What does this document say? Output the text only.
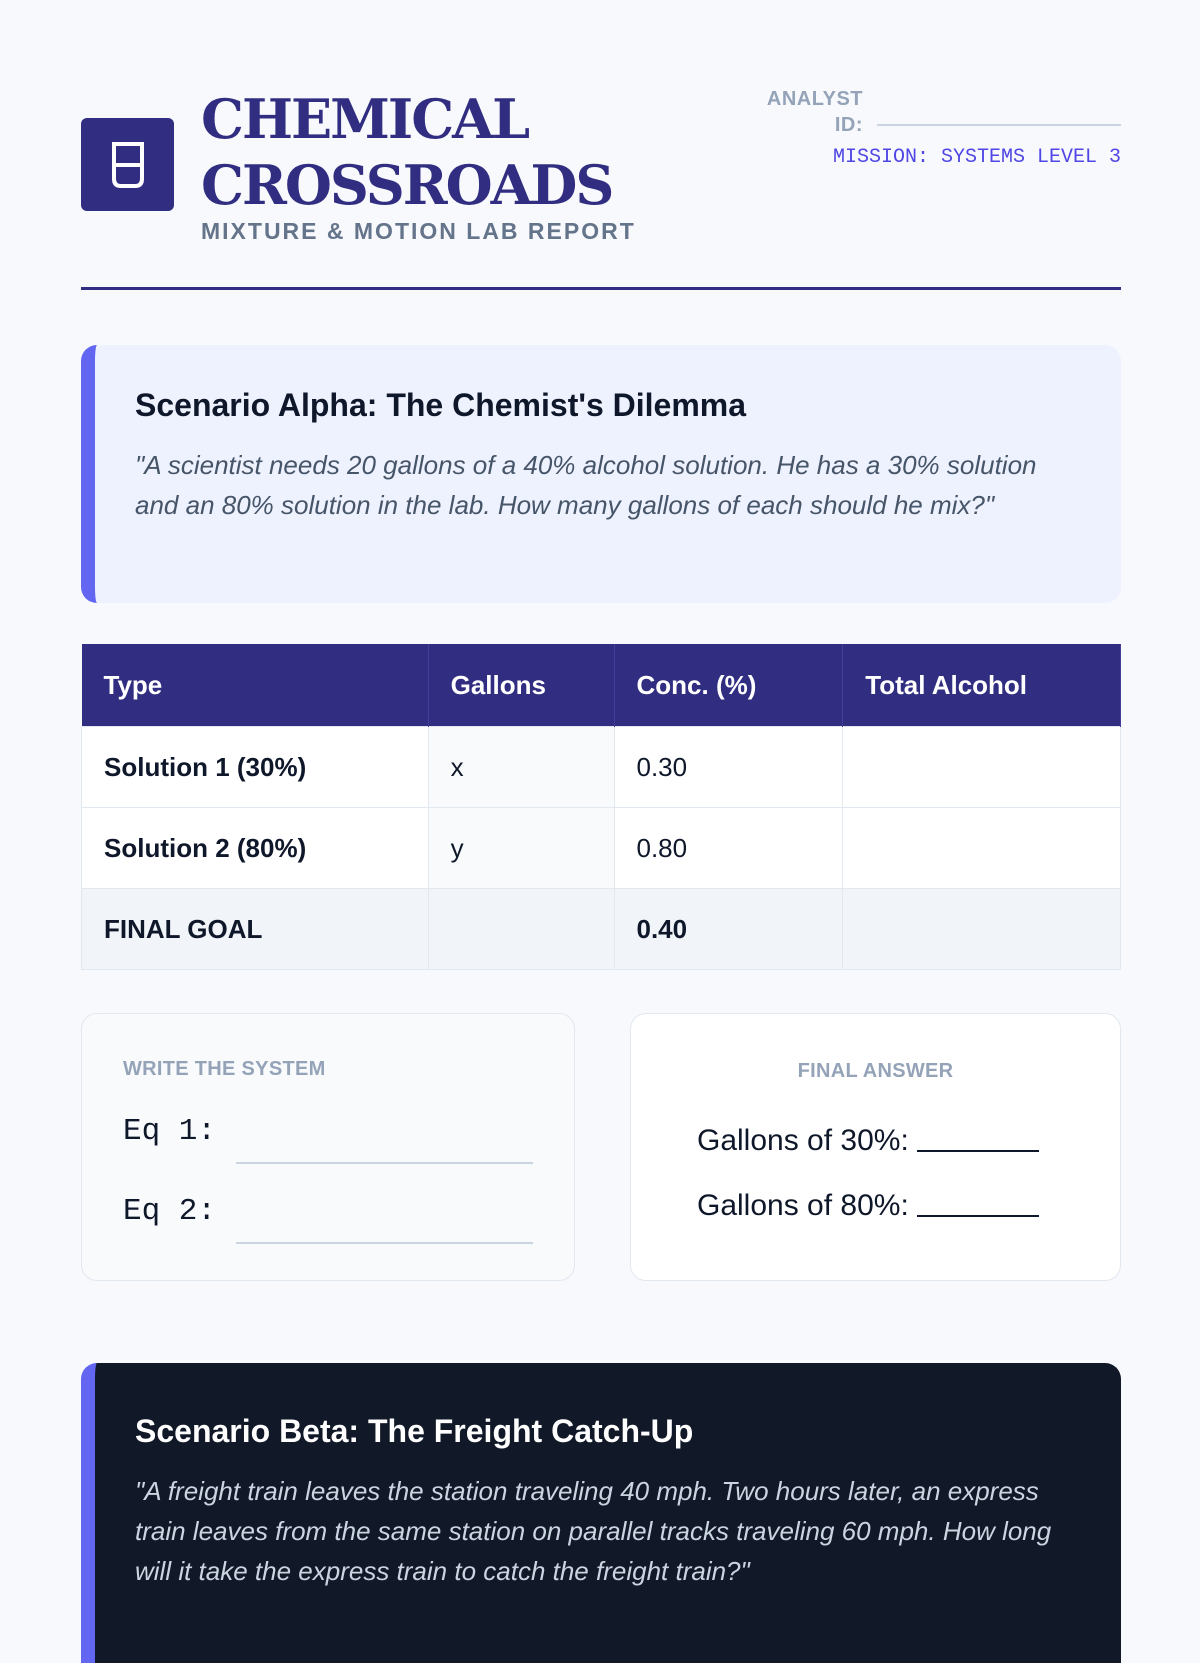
CHEMICAL
CROSSROADS
MIXTURE & MOTION LAB REPORT
ANALYST
ID:
MISSION: SYSTEMS LEVEL 3
Scenario Alpha: The Chemist's Dilemma
"A scientist needs 20 gallons of a 40% alcohol solution. He has a 30% solution and an 80% solution in the lab. How many gallons of each should he mix?"
Type	Gallons	Conc. (%)	Total Alcohol
Solution 1 (30%)	x	0.30	
Solution 2 (80%)	y	0.80	
FINAL GOAL		0.40	
WRITE THE SYSTEM
Eq 1:
Eq 2:
FINAL ANSWER
Gallons of 30%:
Gallons of 80%:
Scenario Beta: The Freight Catch-Up
"A freight train leaves the station traveling 40 mph. Two hours later, an express train leaves from the same station on parallel tracks traveling 60 mph. How long will it take the express train to catch the freight train?"
